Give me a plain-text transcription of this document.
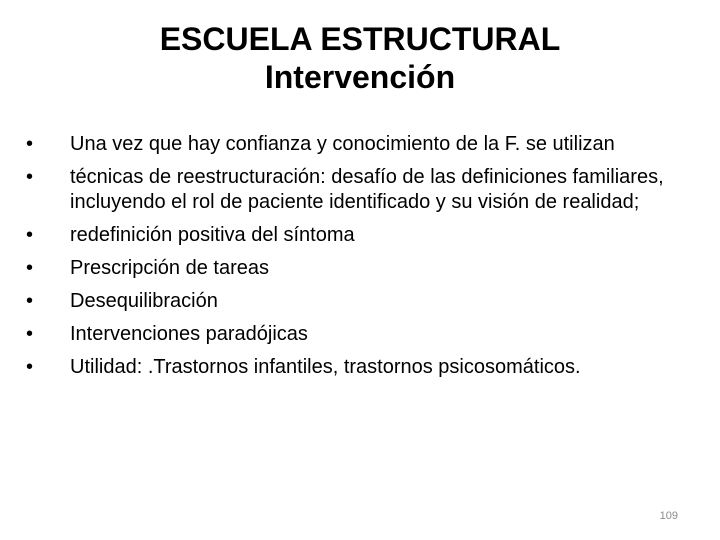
ESCUELA ESTRUCTURAL
Intervención
•	Una vez que hay confianza y conocimiento de la F. se utilizan
•	técnicas de reestructuración: desafío de las definiciones familiares, incluyendo el rol de paciente identificado y su visión de realidad;
•	redefinición positiva del síntoma
•	Prescripción de tareas
•	Desequilibración
•	Intervenciones paradójicas
•	Utilidad: .Trastornos infantiles, trastornos psicosomáticos.
109
